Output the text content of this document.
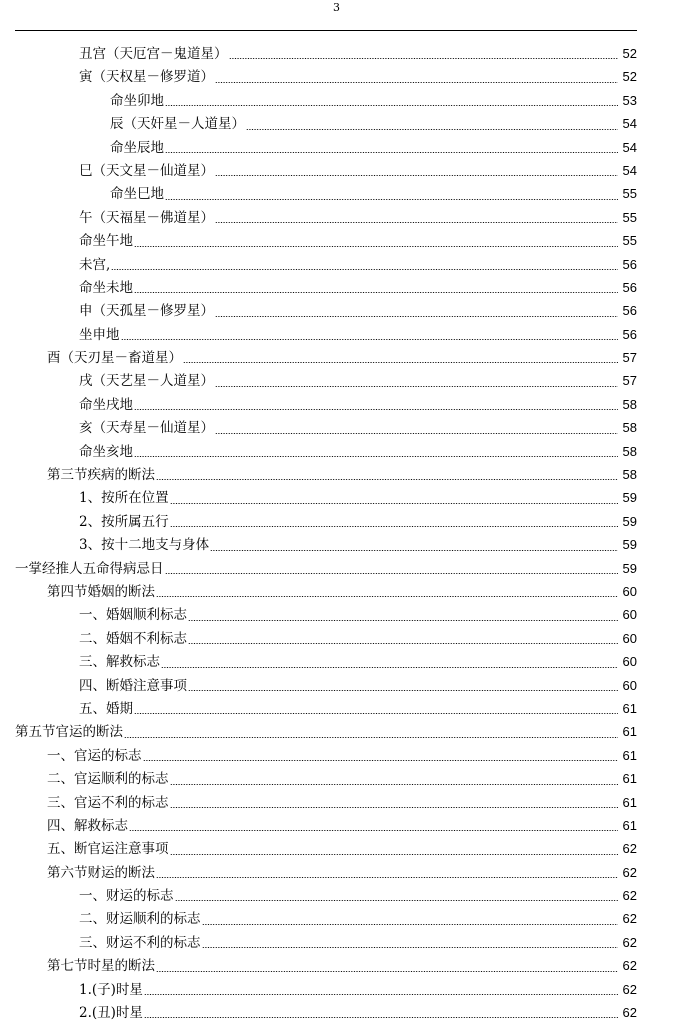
3
丑宫（天厄宫－鬼道星）	52
寅（天权星－修罗道）	52
命坐卯地	53
辰（天奸星－人道星）	54
命坐辰地	54
巳（天文星－仙道星）	54
命坐巳地	55
午（天福星－佛道星）	55
命坐午地	55
未宫,	56
命坐未地	56
申（天孤星－修罗星）	56
坐申地	56
酉（天刃星－畜道星）	57
戌（天艺星－人道星）	57
命坐戌地	58
亥（天寿星－仙道星）	58
命坐亥地	58
第三节疾病的断法	58
1、按所在位置	59
2、按所属五行	59
3、按十二地支与身体	59
一掌经推人五命得病忌日	59
第四节婚姻的断法	60
一、婚姻顺利标志	60
二、婚姻不利标志	60
三、解救标志	60
四、断婚注意事项	60
五、婚期	61
第五节官运的断法	61
一、官运的标志	61
二、官运顺利的标志	61
三、官运不利的标志	61
四、解救标志	61
五、断官运注意事项	62
第六节财运的断法	62
一、财运的标志	62
二、财运顺利的标志	62
三、财运不利的标志	62
第七节时星的断法	62
1.(子)时星	62
2.(丑)时星	62
